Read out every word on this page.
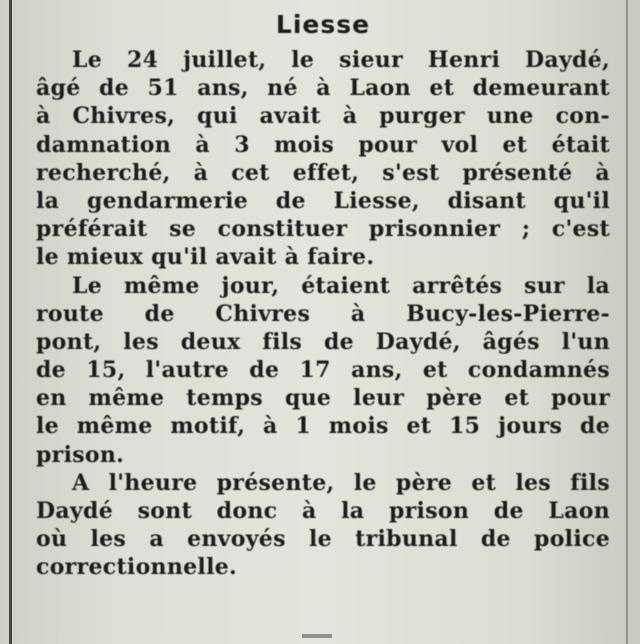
Liesse
Le 24 juillet, le sieur Henri Daydé,
âgé de 51 ans, né à Laon et demeurant
à Chivres, qui avait à purger une con-
damnation à 3 mois pour vol et était
recherché, à cet effet, s'est présenté à
la gendarmerie de Liesse, disant qu'il
préférait se constituer prisonnier ; c'est
le mieux qu'il avait à faire.
Le même jour, étaient arrêtés sur la
route de Chivres à Bucy-les-Pierre-
pont, les deux fils de Daydé, âgés l'un
de 15, l'autre de 17 ans, et condamnés
en même temps que leur père et pour
le même motif, à 1 mois et 15 jours de
prison.
A l'heure présente, le père et les fils
Daydé sont donc à la prison de Laon
où les a envoyés le tribunal de police
correctionnelle.
